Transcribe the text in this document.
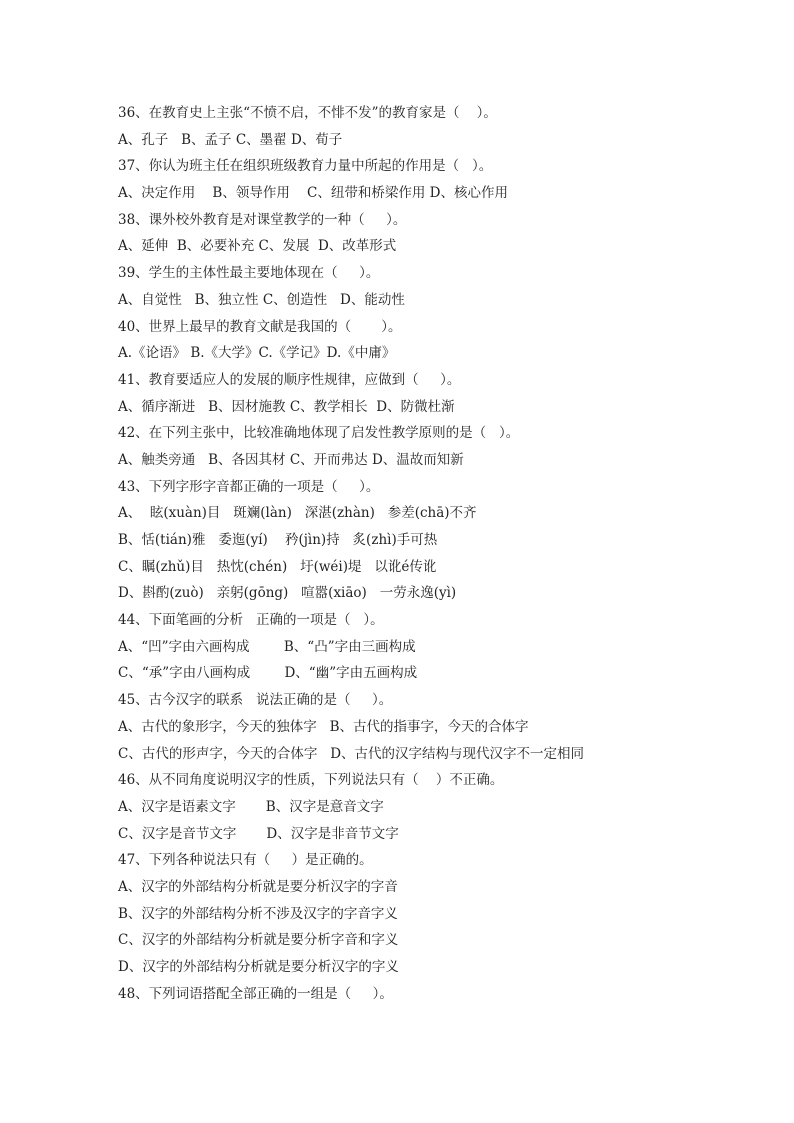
36、在教育史上主张“不愤不启，不悱不发”的教育家是（    ）。
A、孔子   B、孟子 C、墨翟 D、荀子
37、你认为班主任在组织班级教育力量中所起的作用是（   ）。
A、决定作用    B、领导作用    C、纽带和桥梁作用 D、核心作用
38、课外校外教育是对课堂教学的一种（     ）。
A、延伸  B、必要补充 C、发展  D、改革形式
39、学生的主体性最主要地体现在（     ）。
A、自觉性   B、独立性 C、创造性   D、能动性
40、世界上最早的教育文献是我国的（       ）。
A.《论语》 B.《大学》C.《学记》D.《中庸》
41、教育要适应人的发展的顺序性规律，应做到（     ）。
A、循序渐进   B、因材施教 C、教学相长  D、防微杜渐
42、在下列主张中，比较准确地体现了启发性教学原则的是（   ）。
A、触类旁通   B、各因其材 C、开而弗达 D、温故而知新
43、下列字形字音都正确的一项是（     ）。
A、  眩(xuàn)目   斑斓(làn)   深湛(zhàn)   参差(chā)不齐
B、恬(tián)雅   委迤(yí)    矜(jìn)持   炙(zhì)手可热
C、瞩(zhǔ)目   热忱(chén)   圩(wéi)堤   以讹é传讹
D、斟酌(zuò)   亲躬(gōng)   喧嚣(xiāo)   一劳永逸(yì)
44、下面笔画的分析   正确的一项是（   ）。
A、“凹”字由六画构成        B、“凸”字由三画构成
C、“承”字由八画构成        D、“幽”字由五画构成
45、古今汉字的联系   说法正确的是（     ）。
A、古代的象形字，今天的独体字   B、古代的指事字，今天的合体字
C、古代的形声字，今天的合体字   D、古代的汉字结构与现代汉字不一定相同
46、从不同角度说明汉字的性质，下列说法只有（    ）不正确。
A、汉字是语素文字       B、汉字是意音文字
C、汉字是音节文字       D、汉字是非音节文字
47、下列各种说法只有（     ）是正确的。
A、汉字的外部结构分析就是要分析汉字的字音
B、汉字的外部结构分析不涉及汉字的字音字义
C、汉字的外部结构分析就是要分析字音和字义
D、汉字的外部结构分析就是要分析汉字的字义
48、下列词语搭配全部正确的一组是（     ）。
